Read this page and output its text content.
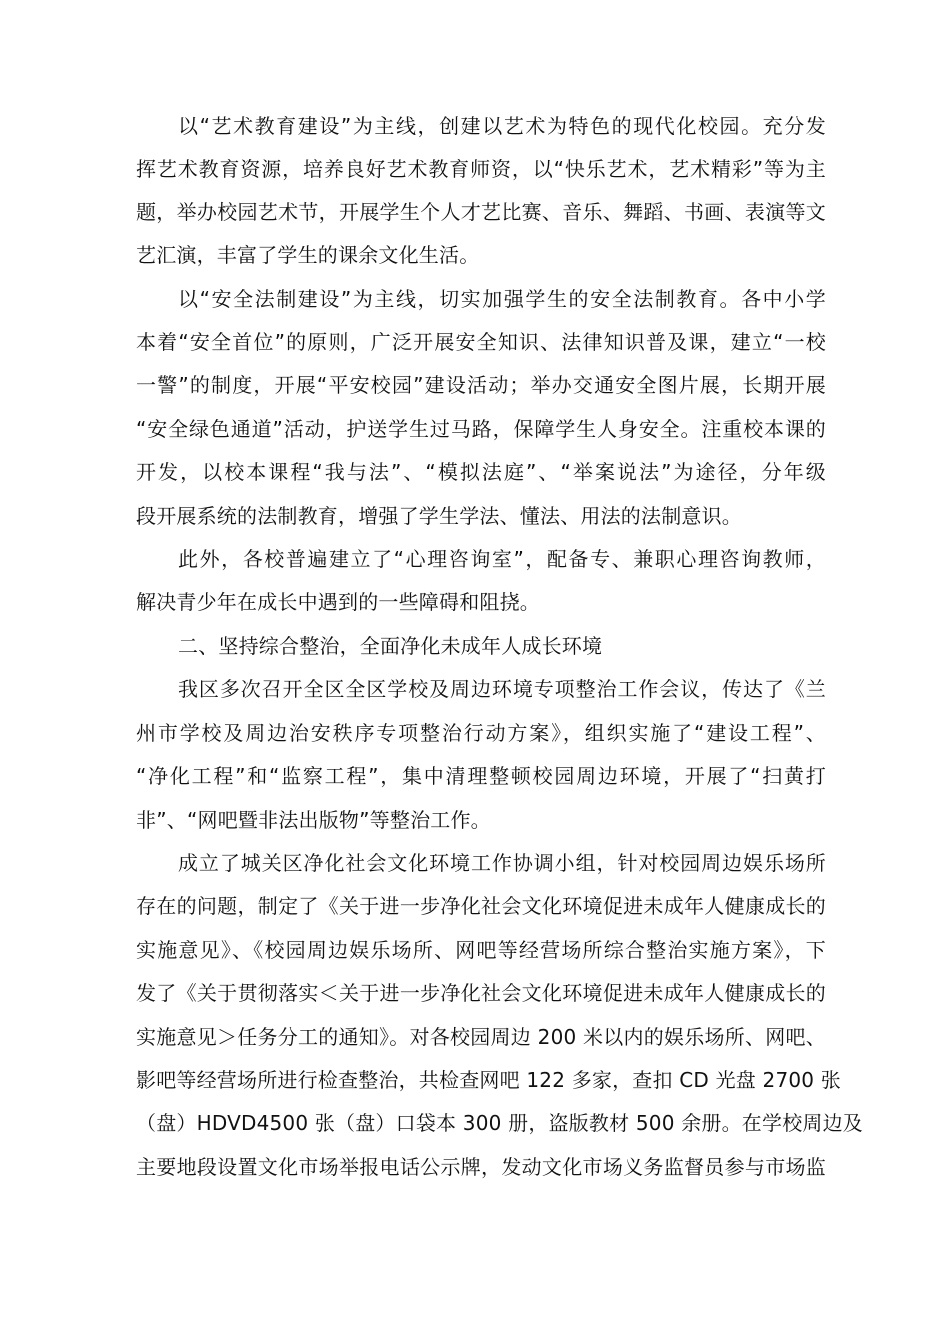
以“艺术教育建设”为主线，创建以艺术为特色的现代化校园。充分发
挥艺术教育资源，培养良好艺术教育师资，以“快乐艺术，艺术精彩”等为主
题，举办校园艺术节，开展学生个人才艺比赛、音乐、舞蹈、书画、表演等文
艺汇演，丰富了学生的课余文化生活。
以“安全法制建设”为主线，切实加强学生的安全法制教育。各中小学
本着“安全首位”的原则，广泛开展安全知识、法律知识普及课，建立“一校
一警”的制度，开展“平安校园”建设活动；举办交通安全图片展，长期开展
“安全绿色通道”活动，护送学生过马路，保障学生人身安全。注重校本课的
开发，以校本课程“我与法”、“模拟法庭”、“举案说法”为途径，分年级
段开展系统的法制教育，增强了学生学法、懂法、用法的法制意识。
此外，各校普遍建立了“心理咨询室”，配备专、兼职心理咨询教师，
解决青少年在成长中遇到的一些障碍和阻挠。
二、坚持综合整治，全面净化未成年人成长环境
我区多次召开全区全区学校及周边环境专项整治工作会议，传达了《兰
州市学校及周边治安秩序专项整治行动方案》，组织实施了“建设工程”、
“净化工程”和“监察工程”，集中清理整顿校园周边环境，开展了“扫黄打
非”、“网吧暨非法出版物”等整治工作。
成立了城关区净化社会文化环境工作协调小组，针对校园周边娱乐场所
存在的问题，制定了《关于进一步净化社会文化环境促进未成年人健康成长的
实施意见》、《校园周边娱乐场所、网吧等经营场所综合整治实施方案》，下
发了《关于贯彻落实＜关于进一步净化社会文化环境促进未成年人健康成长的
实施意见＞任务分工的通知》。对各校园周边 200 米以内的娱乐场所、网吧、
影吧等经营场所进行检查整治，共检查网吧 122 多家，查扣 CD 光盘 2700 张
（盘）HDVD4500 张（盘）口袋本 300 册，盗版教材 500 余册。在学校周边及
主要地段设置文化市场举报电话公示牌，发动文化市场义务监督员参与市场监
